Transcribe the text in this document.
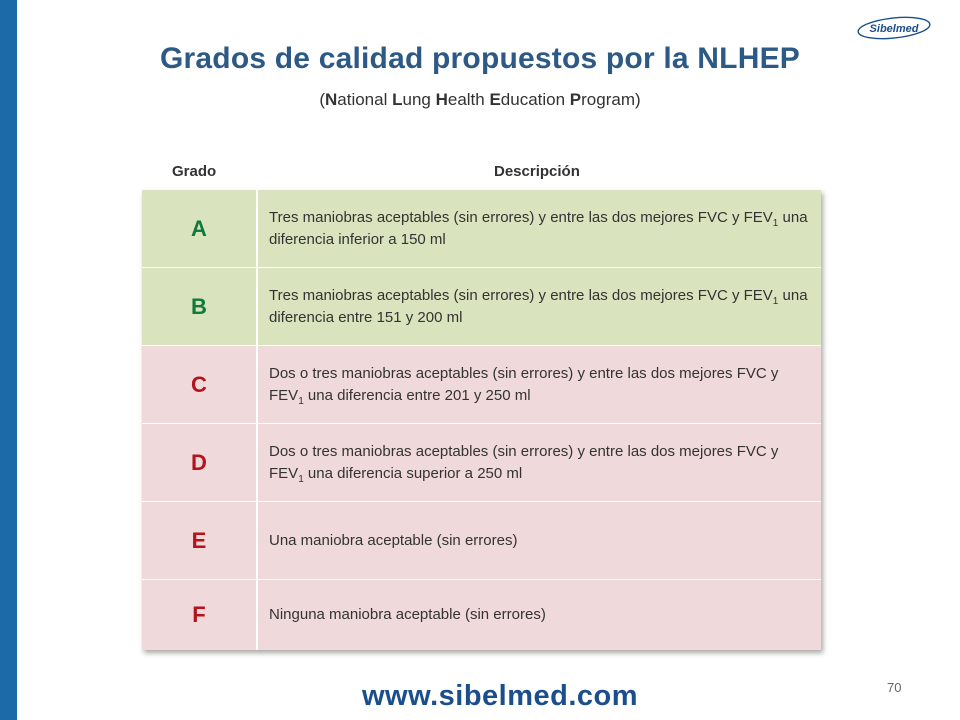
Sibelmed
Grados de calidad propuestos por la NLHEP
(National Lung Health Education Program)
Grado	Descripción
A	Tres maniobras aceptables (sin errores) y entre las dos mejores FVC y $FEV_1$ una diferencia inferior a 150 ml
B	Tres maniobras aceptables (sin errores) y entre las dos mejores FVC y $FEV_1$ una diferencia entre 151 y 200 ml
C	Dos o tres maniobras aceptables (sin errores) y entre las dos mejores FVC y $FEV_1$ una diferencia entre 201 y 250 ml
D	Dos o tres maniobras aceptables (sin errores) y entre las dos mejores FVC y $FEV_1$ una diferencia superior a 250 ml
E	Una maniobra aceptable (sin errores)
F	Ninguna maniobra aceptable (sin errores)
www.sibelmed.com	70
